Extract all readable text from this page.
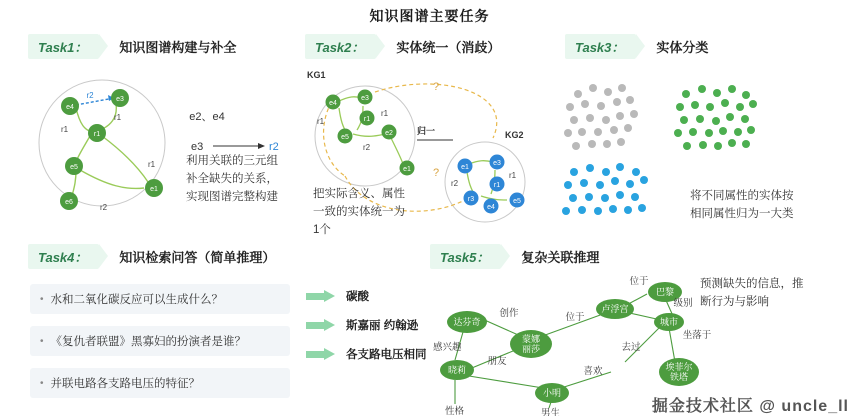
知识图谱主要任务
Task1：	知识图谱构建与补全
e4
e3
r1
e5
e1
e6
r2
r1
r1
r1
r2
e2、e4
e3	r2
利用关联的三元组补全缺失的关系，实现图谱完整构建
Task2：	实体统一（消歧）
KG1
KG2
?
?
e4
e3
r1
e5
e2
e1
r1
r1
r2
归一
e1
e3
r1
r3
e4
e5
r2
r1
把实际含义、属性一致的实体统一为1个
Task3：	实体分类
将不同属性的实体按相同属性归为一大类
Task4：	知识检索问答（简单推理）
• 水和二氧化碳反应可以生成什么？
• 《复仇者联盟》黑寡妇的扮演者是谁？
• 并联电路各支路电压的特征？
碳酸
斯嘉丽 约翰逊
各支路电压相同
Task5：	复杂关联推理
预测缺失的信息，推断行为与影响
达芬奇
蒙娜
丽莎
卢浮宫
巴黎
城市
埃菲尔
铁塔
晓莉
小明
创作	位于
位于
级别
坐落于
去过
感兴趣
朋友
喜欢
性格	男生	掘金技术社区 @ uncle_ll
